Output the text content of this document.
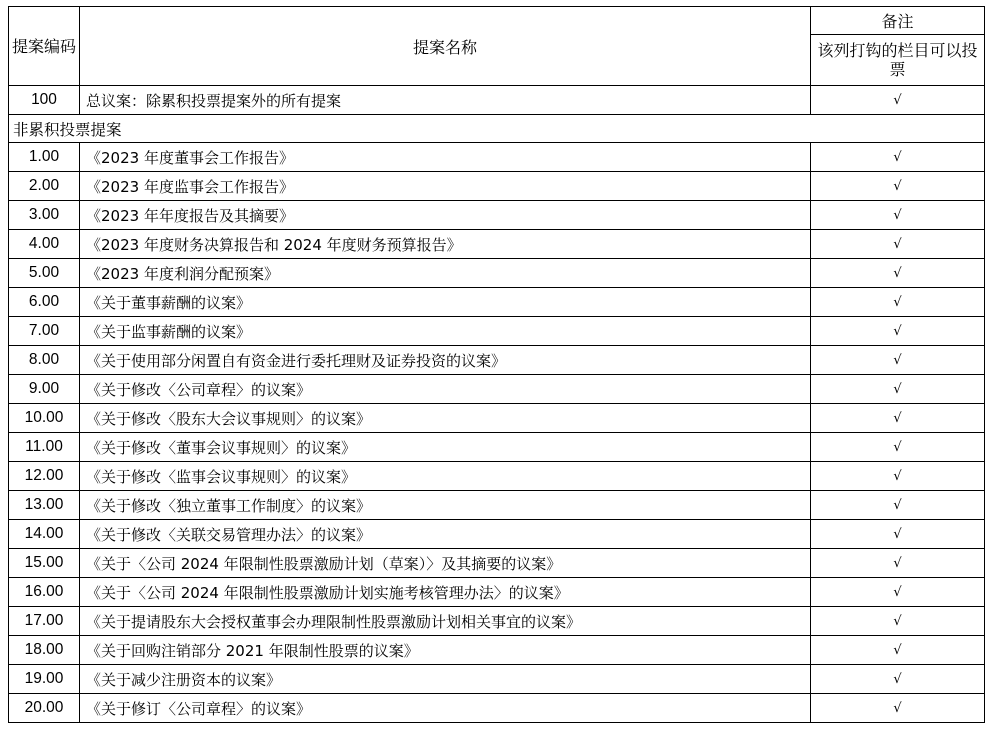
提案编码	提案名称	备注
		该列打钩的栏目可以投票
100	总议案：除累积投票提案外的所有提案	√
非累积投票提案		
1.00	《2023 年度董事会工作报告》	√
2.00	《2023 年度监事会工作报告》	√
3.00	《2023 年年度报告及其摘要》	√
4.00	《2023 年度财务决算报告和 2024 年度财务预算报告》	√
5.00	《2023 年度利润分配预案》	√
6.00	《关于董事薪酬的议案》	√
7.00	《关于监事薪酬的议案》	√
8.00	《关于使用部分闲置自有资金进行委托理财及证券投资的议案》	√
9.00	《关于修改〈公司章程〉的议案》	√
10.00	《关于修改〈股东大会议事规则〉的议案》	√
11.00	《关于修改〈董事会议事规则〉的议案》	√
12.00	《关于修改〈监事会议事规则〉的议案》	√
13.00	《关于修改〈独立董事工作制度〉的议案》	√
14.00	《关于修改〈关联交易管理办法〉的议案》	√
15.00	《关于〈公司 2024 年限制性股票激励计划（草案）〉及其摘要的议案》	√
16.00	《关于〈公司 2024 年限制性股票激励计划实施考核管理办法〉的议案》	√
17.00	《关于提请股东大会授权董事会办理限制性股票激励计划相关事宜的议案》	√
18.00	《关于回购注销部分 2021 年限制性股票的议案》	√
19.00	《关于减少注册资本的议案》	√
20.00	《关于修订〈公司章程〉的议案》	√
